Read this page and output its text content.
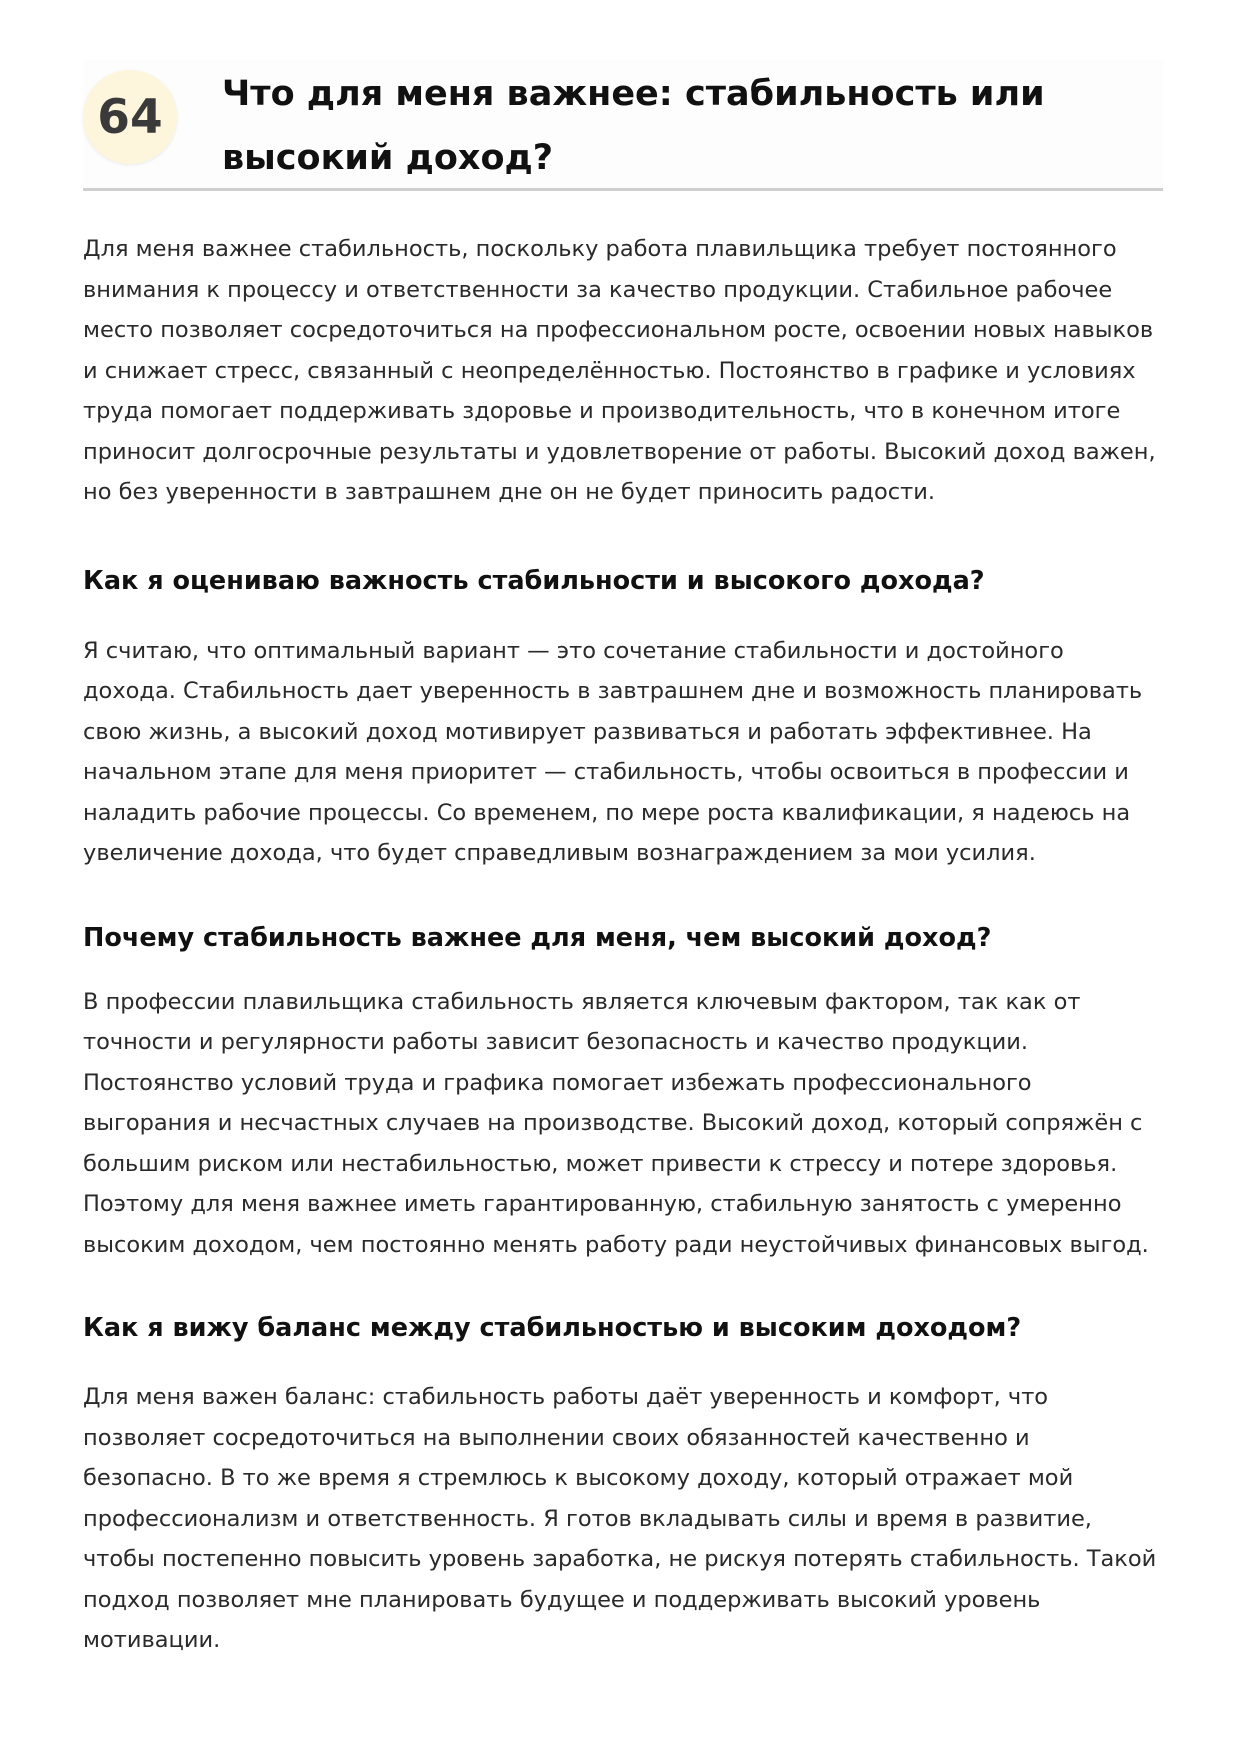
64	Что для меня важнее: стабильность или высокий доход?

Для меня важнее стабильность, поскольку работа плавильщика требует постоянного внимания к процессу и ответственности за качество продукции. Стабильное рабочее место позволяет сосредоточиться на профессиональном росте, освоении новых навыков и снижает стресс, связанный с неопределённостью. Постоянство в графике и условиях труда помогает поддерживать здоровье и производительность, что в конечном итоге приносит долгосрочные результаты и удовлетворение от работы. Высокий доход важен, но без уверенности в завтрашнем дне он не будет приносить радости.

Как я оцениваю важность стабильности и высокого дохода?

Я считаю, что оптимальный вариант — это сочетание стабильности и достойного дохода. Стабильность дает уверенность в завтрашнем дне и возможность планировать свою жизнь, а высокий доход мотивирует развиваться и работать эффективнее. На начальном этапе для меня приоритет — стабильность, чтобы освоиться в профессии и наладить рабочие процессы. Со временем, по мере роста квалификации, я надеюсь на увеличение дохода, что будет справедливым вознаграждением за мои усилия.

Почему стабильность важнее для меня, чем высокий доход?

В профессии плавильщика стабильность является ключевым фактором, так как от точности и регулярности работы зависит безопасность и качество продукции. Постоянство условий труда и графика помогает избежать профессионального выгорания и несчастных случаев на производстве. Высокий доход, который сопряжён с большим риском или нестабильностью, может привести к стрессу и потере здоровья. Поэтому для меня важнее иметь гарантированную, стабильную занятость с умеренно высоким доходом, чем постоянно менять работу ради неустойчивых финансовых выгод.

Как я вижу баланс между стабильностью и высоким доходом?

Для меня важен баланс: стабильность работы даёт уверенность и комфорт, что позволяет сосредоточиться на выполнении своих обязанностей качественно и безопасно. В то же время я стремлюсь к высокому доходу, который отражает мой профессионализм и ответственность. Я готов вкладывать силы и время в развитие, чтобы постепенно повысить уровень заработка, не рискуя потерять стабильность. Такой подход позволяет мне планировать будущее и поддерживать высокий уровень мотивации.
